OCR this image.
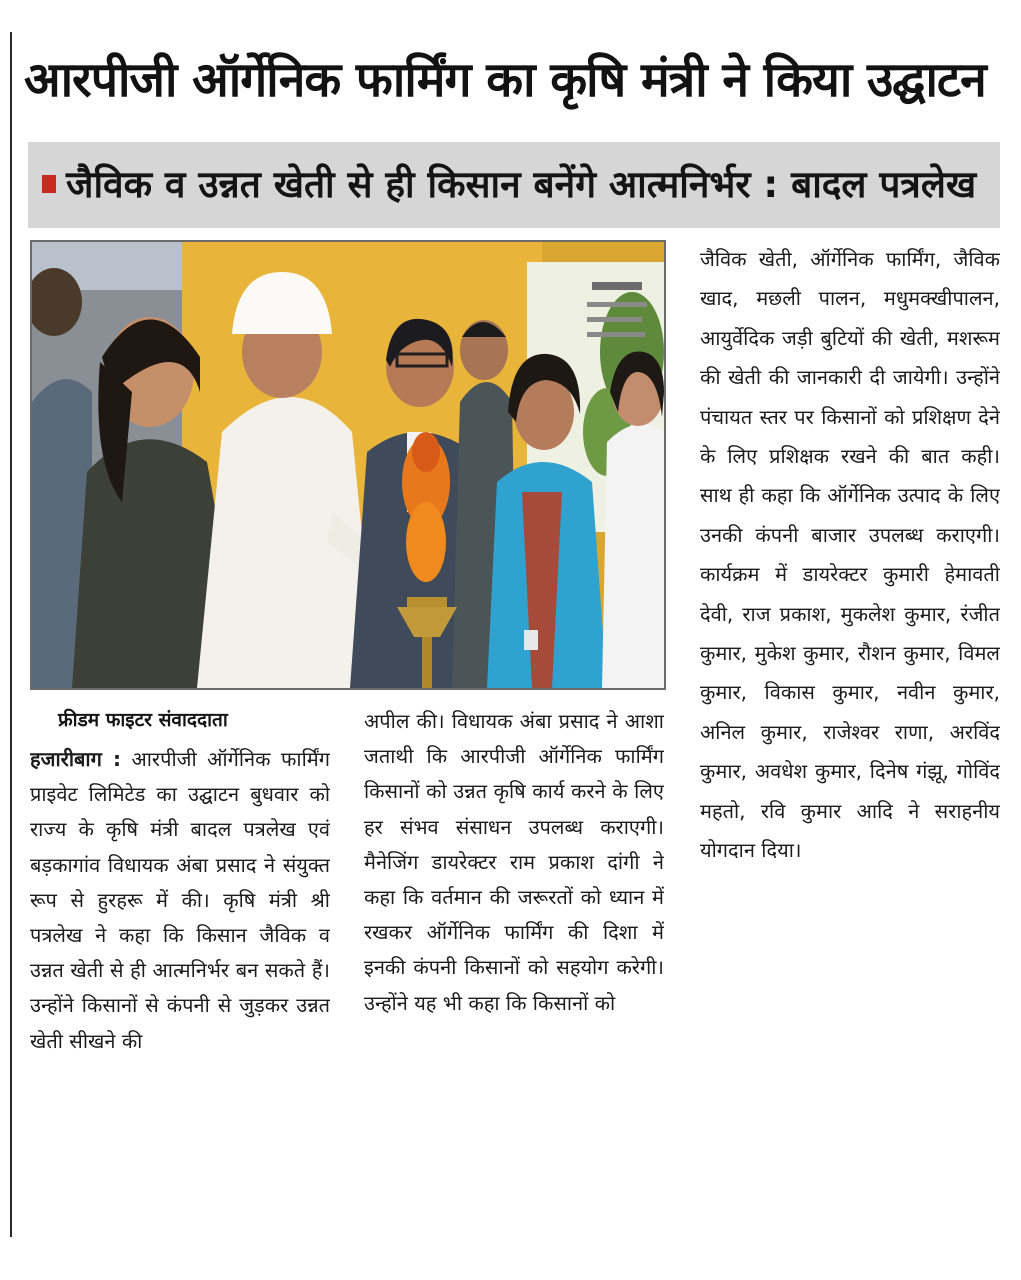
आरपीजी ऑर्गेनिक फार्मिंग का कृषि मंत्री ने किया उद्घाटन
जैविक व उन्नत खेती से ही किसान बनेंगे आत्मनिर्भर : बादल पत्रलेख
फ्रीडम फाइटर संवाददाता

हजारीबाग : आरपीजी ऑर्गेनिक फार्मिंग प्राइवेट लिमिटेड का उद्घाटन बुधवार को राज्य के कृषि मंत्री बादल पत्रलेख एवं बड़कागांव विधायक अंबा प्रसाद ने संयुक्त रूप से हुरहरू में की। कृषि मंत्री श्री पत्रलेख ने कहा कि किसान जैविक व उन्नत खेती से ही आत्मनिर्भर बन सकते हैं। उन्होंने किसानों से कंपनी से जुड़कर उन्नत खेती सीखने की

अपील की। विधायक अंबा प्रसाद ने आशा जताथी कि आरपीजी ऑर्गेनिक फार्मिंग किसानों को उन्नत कृषि कार्य करने के लिए हर संभव संसाधन उपलब्ध कराएगी। मैनेजिंग डायरेक्टर राम प्रकाश दांगी ने कहा कि वर्तमान की जरूरतों को ध्यान में रखकर ऑर्गेनिक फार्मिंग की दिशा में इनकी कंपनी किसानों को सहयोग करेगी। उन्होंने यह भी कहा कि किसानों को

जैविक खेती, ऑर्गेनिक फार्मिंग, जैविक खाद, मछली पालन, मधुमक्खीपालन, आयुर्वेदिक जड़ी बुटियों की खेती, मशरूम की खेती की जानकारी दी जायेगी। उन्होंने पंचायत स्तर पर किसानों को प्रशिक्षण देने के लिए प्रशिक्षक रखने की बात कही। साथ ही कहा कि ऑर्गेनिक उत्पाद के लिए उनकी कंपनी बाजार उपलब्ध कराएगी। कार्यक्रम में डायरेक्टर कुमारी हेमावती देवी, राज प्रकाश, मुकलेश कुमार, रंजीत कुमार, मुकेश कुमार, रौशन कुमार, विमल कुमार, विकास कुमार, नवीन कुमार, अनिल कुमार, राजेश्वर राणा, अरविंद कुमार, अवधेश कुमार, दिनेष गंझू, गोविंद महतो, रवि कुमार आदि ने सराहनीय योगदान दिया।
